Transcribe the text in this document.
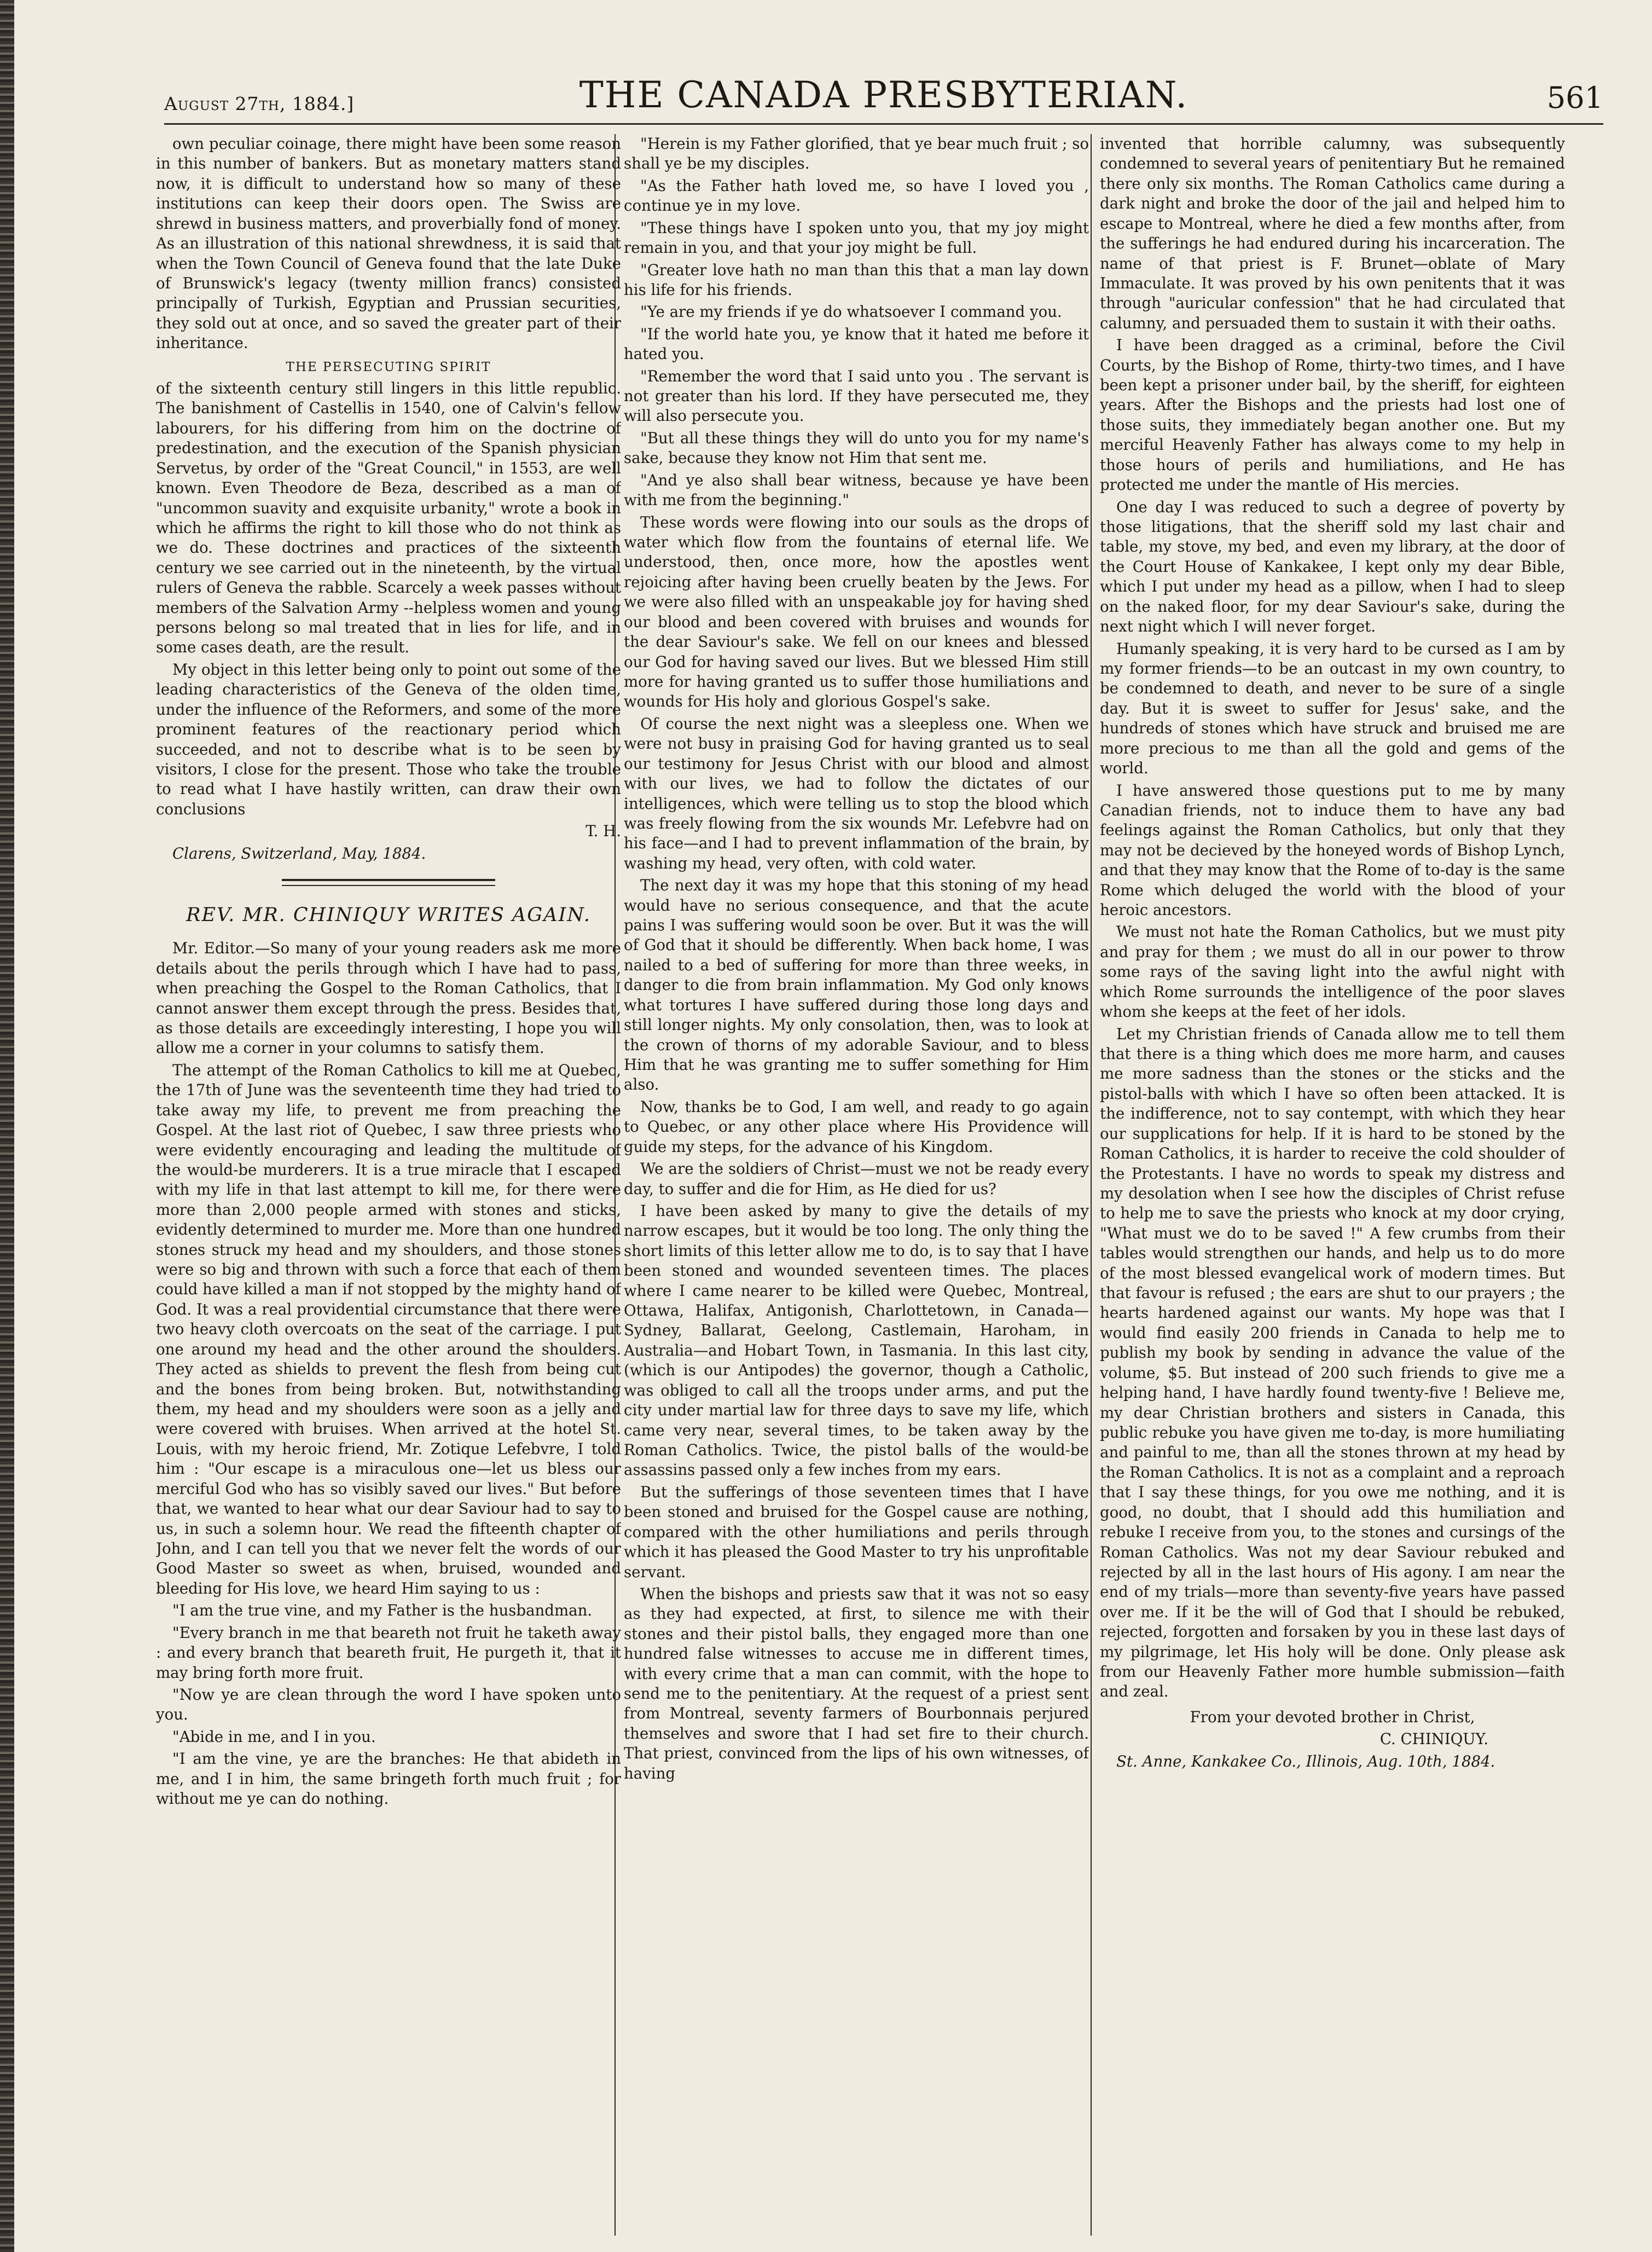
August 27th, 1884.]	THE CANADA PRESBYTERIAN.	561

own peculiar coinage, there might have been some reason in this number of bankers. But as monetary matters stand now, it is difficult to understand how so many of these institutions can keep their doors open. The Swiss are shrewd in business matters, and proverbially fond of money. As an illustration of this national shrewdness, it is said that when the Town Council of Geneva found that the late Duke of Brunswick's legacy (twenty million francs) consisted principally of Turkish, Egyptian and Prussian securities, they sold out at once, and so saved the greater part of their inheritance.

THE PERSECUTING SPIRIT

of the sixteenth century still lingers in this little republic. The banishment of Castellis in 1540, one of Calvin's fellow labourers, for his differing from him on the doctrine of predestination, and the execution of the Spanish physician Servetus, by order of the "Great Council," in 1553, are well known. Even Theodore de Beza, described as a man of "uncommon suavity and exquisite urbanity," wrote a book in which he affirms the right to kill those who do not think as we do. These doctrines and practices of the sixteenth century we see carried out in the nineteenth, by the virtual rulers of Geneva the rabble. Scarcely a week passes without members of the Salvation Army --helpless women and young persons belong so mal treated that in lies for life, and in some cases death, are the result.

My object in this letter being only to point out some of the leading characteristics of the Geneva of the olden time, under the influence of the Reformers, and some of the more prominent features of the reactionary period which succeeded, and not to describe what is to be seen by visitors, I close for the present. Those who take the trouble to read what I have hastily written, can draw their own conclusions

T. H.

Clarens, Switzerland, May, 1884.

REV. MR. CHINIQUY WRITES AGAIN.

Mr. Editor.—So many of your young readers ask me more details about the perils through which I have had to pass, when preaching the Gospel to the Roman Catholics, that I cannot answer them except through the press. Besides that, as those details are exceedingly interesting, I hope you will allow me a corner in your columns to satisfy them.

The attempt of the Roman Catholics to kill me at Quebec, the 17th of June was the seventeenth time they had tried to take away my life, to prevent me from preaching the Gospel. At the last riot of Quebec, I saw three priests who were evidently encouraging and leading the multitude of the would-be murderers. It is a true miracle that I escaped with my life in that last attempt to kill me, for there were more than 2,000 people armed with stones and sticks, evidently determined to murder me. More than one hundred stones struck my head and my shoulders, and those stones were so big and thrown with such a force that each of them could have killed a man if not stopped by the mighty hand of God. It was a real providential circumstance that there were two heavy cloth overcoats on the seat of the carriage. I put one around my head and the other around the shoulders. They acted as shields to prevent the flesh from being cut and the bones from being broken. But, notwithstanding them, my head and my shoulders were soon as a jelly and were covered with bruises. When arrived at the hotel St. Louis, with my heroic friend, Mr. Zotique Lefebvre, I told him : "Our escape is a miraculous one—let us bless our merciful God who has so visibly saved our lives." But before that, we wanted to hear what our dear Saviour had to say to us, in such a solemn hour. We read the fifteenth chapter of John, and I can tell you that we never felt the words of our Good Master so sweet as when, bruised, wounded and bleeding for His love, we heard Him saying to us :

"I am the true vine, and my Father is the husbandman.

"Every branch in me that beareth not fruit he taketh away : and every branch that beareth fruit, He purgeth it, that it may bring forth more fruit.

"Now ye are clean through the word I have spoken unto you.

"Abide in me, and I in you.

"I am the vine, ye are the branches: He that abideth in me, and I in him, the same bringeth forth much fruit ; for without me ye can do nothing.

"Herein is my Father glorified, that ye bear much fruit ; so shall ye be my disciples.

"As the Father hath loved me, so have I loved you , continue ye in my love.

"These things have I spoken unto you, that my joy might remain in you, and that your joy might be full.

"Greater love hath no man than this that a man lay down his life for his friends.

"Ye are my friends if ye do whatsoever I command you.

"If the world hate you, ye know that it hated me before it hated you.

"Remember the word that I said unto you . The servant is not greater than his lord. If they have persecuted me, they will also persecute you.

"But all these things they will do unto you for my name's sake, because they know not Him that sent me.

"And ye also shall bear witness, because ye have been with me from the beginning."

These words were flowing into our souls as the drops of water which flow from the fountains of eternal life. We understood, then, once more, how the apostles went rejoicing after having been cruelly beaten by the Jews. For we were also filled with an unspeakable joy for having shed our blood and been covered with bruises and wounds for the dear Saviour's sake. We fell on our knees and blessed our God for having saved our lives. But we blessed Him still more for having granted us to suffer those humiliations and wounds for His holy and glorious Gospel's sake.

Of course the next night was a sleepless one. When we were not busy in praising God for having granted us to seal our testimony for Jesus Christ with our blood and almost with our lives, we had to follow the dictates of our intelligences, which were telling us to stop the blood which was freely flowing from the six wounds Mr. Lefebvre had on his face—and I had to prevent inflammation of the brain, by washing my head, very often, with cold water.

The next day it was my hope that this stoning of my head would have no serious consequence, and that the acute pains I was suffering would soon be over. But it was the will of God that it should be differently. When back home, I was nailed to a bed of suffering for more than three weeks, in danger to die from brain inflammation. My God only knows what tortures I have suffered during those long days and still longer nights. My only consolation, then, was to look at the crown of thorns of my adorable Saviour, and to bless Him that he was granting me to suffer something for Him also.

Now, thanks be to God, I am well, and ready to go again to Quebec, or any other place where His Providence will guide my steps, for the advance of his Kingdom.

We are the soldiers of Christ—must we not be ready every day, to suffer and die for Him, as He died for us?

I have been asked by many to give the details of my narrow escapes, but it would be too long. The only thing the short limits of this letter allow me to do, is to say that I have been stoned and wounded seventeen times. The places where I came nearer to be killed were Quebec, Montreal, Ottawa, Halifax, Antigonish, Charlottetown, in Canada—Sydney, Ballarat, Geelong, Castlemain, Haroham, in Australia—and Hobart Town, in Tasmania. In this last city, (which is our Antipodes) the governor, though a Catholic, was obliged to call all the troops under arms, and put the city under martial law for three days to save my life, which came very near, several times, to be taken away by the Roman Catholics. Twice, the pistol balls of the would-be assassins passed only a few inches from my ears.

But the sufferings of those seventeen times that I have been stoned and bruised for the Gospel cause are nothing, compared with the other humiliations and perils through which it has pleased the Good Master to try his unprofitable servant.

When the bishops and priests saw that it was not so easy as they had expected, at first, to silence me with their stones and their pistol balls, they engaged more than one hundred false witnesses to accuse me in different times, with every crime that a man can commit, with the hope to send me to the penitentiary. At the request of a priest sent from Montreal, seventy farmers of Bourbonnais perjured themselves and swore that I had set fire to their church. That priest, convinced from the lips of his own witnesses, of having

invented that horrible calumny, was subsequently condemned to several years of penitentiary But he remained there only six months. The Roman Catholics came during a dark night and broke the door of the jail and helped him to escape to Montreal, where he died a few months after, from the sufferings he had endured during his incarceration. The name of that priest is F. Brunet—oblate of Mary Immaculate. It was proved by his own penitents that it was through "auricular confession" that he had circulated that calumny, and persuaded them to sustain it with their oaths.

I have been dragged as a criminal, before the Civil Courts, by the Bishop of Rome, thirty-two times, and I have been kept a prisoner under bail, by the sheriff, for eighteen years. After the Bishops and the priests had lost one of those suits, they immediately began another one. But my merciful Heavenly Father has always come to my help in those hours of perils and humiliations, and He has protected me under the mantle of His mercies.

One day I was reduced to such a degree of poverty by those litigations, that the sheriff sold my last chair and table, my stove, my bed, and even my library, at the door of the Court House of Kankakee, I kept only my dear Bible, which I put under my head as a pillow, when I had to sleep on the naked floor, for my dear Saviour's sake, during the next night which I will never forget.

Humanly speaking, it is very hard to be cursed as I am by my former friends—to be an outcast in my own country, to be condemned to death, and never to be sure of a single day. But it is sweet to suffer for Jesus' sake, and the hundreds of stones which have struck and bruised me are more precious to me than all the gold and gems of the world.

I have answered those questions put to me by many Canadian friends, not to induce them to have any bad feelings against the Roman Catholics, but only that they may not be decieved by the honeyed words of Bishop Lynch, and that they may know that the Rome of to-day is the same Rome which deluged the world with the blood of your heroic ancestors.

We must not hate the Roman Catholics, but we must pity and pray for them ; we must do all in our power to throw some rays of the saving light into the awful night with which Rome surrounds the intelligence of the poor slaves whom she keeps at the feet of her idols.

Let my Christian friends of Canada allow me to tell them that there is a thing which does me more harm, and causes me more sadness than the stones or the sticks and the pistol-balls with which I have so often been attacked. It is the indifference, not to say contempt, with which they hear our supplications for help. If it is hard to be stoned by the Roman Catholics, it is harder to receive the cold shoulder of the Protestants. I have no words to speak my distress and my desolation when I see how the disciples of Christ refuse to help me to save the priests who knock at my door crying, "What must we do to be saved !" A few crumbs from their tables would strengthen our hands, and help us to do more of the most blessed evangelical work of modern times. But that favour is refused ; the ears are shut to our prayers ; the hearts hardened against our wants. My hope was that I would find easily 200 friends in Canada to help me to publish my book by sending in advance the value of the volume, $5. But instead of 200 such friends to give me a helping hand, I have hardly found twenty-five ! Believe me, my dear Christian brothers and sisters in Canada, this public rebuke you have given me to-day, is more humiliating and painful to me, than all the stones thrown at my head by the Roman Catholics. It is not as a complaint and a reproach that I say these things, for you owe me nothing, and it is good, no doubt, that I should add this humiliation and rebuke I receive from you, to the stones and cursings of the Roman Catholics. Was not my dear Saviour rebuked and rejected by all in the last hours of His agony. I am near the end of my trials—more than seventy-five years have passed over me. If it be the will of God that I should be rebuked, rejected, forgotten and forsaken by you in these last days of my pilgrimage, let His holy will be done. Only please ask from our Heavenly Father more humble submission—faith and zeal.

From your devoted brother in Christ,

C. CHINIQUY.

St. Anne, Kankakee Co., Illinois, Aug. 10th, 1884.
